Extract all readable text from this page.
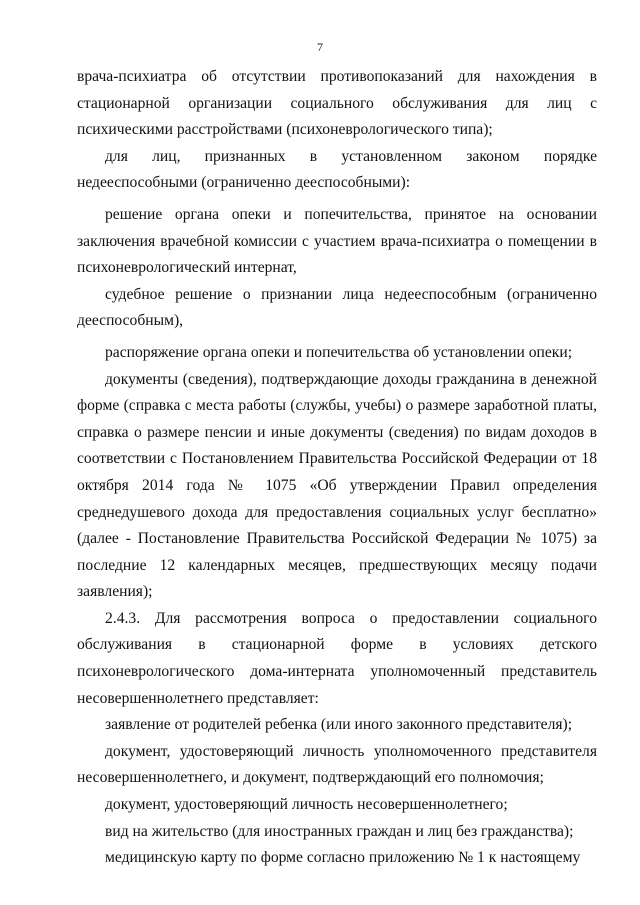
7

врача-психиатра об отсутствии противопоказаний для нахождения в стационарной организации социального обслуживания для лиц с психическими расстройствами (психоневрологического типа);

для лиц, признанных в установленном законом порядке недееспособными (ограниченно дееспособными):

решение органа опеки и попечительства, принятое на основании заключения врачебной комиссии с участием врача-психиатра о помещении в психоневрологический интернат,

судебное решение о признании лица недееспособным (ограниченно дееспособным),

распоряжение органа опеки и попечительства об установлении опеки;

документы (сведения), подтверждающие доходы гражданина в денежной форме (справка с места работы (службы, учебы) о размере заработной платы, справка о размере пенсии и иные документы (сведения) по видам доходов в соответствии с Постановлением Правительства Российской Федерации от 18 октября 2014 года № 1075 «Об утверждении Правил определения среднедушевого дохода для предоставления социальных услуг бесплатно» (далее - Постановление Правительства Российской Федерации № 1075) за последние 12 календарных месяцев, предшествующих месяцу подачи заявления);

2.4.3. Для рассмотрения вопроса о предоставлении социального обслуживания в стационарной форме в условиях детского психоневрологического дома-интерната уполномоченный представитель несовершеннолетнего представляет:

заявление от родителей ребенка (или иного законного представителя);

документ, удостоверяющий личность уполномоченного представителя несовершеннолетнего, и документ, подтверждающий его полномочия;

документ, удостоверяющий личность несовершеннолетнего;

вид на жительство (для иностранных граждан и лиц без гражданства);

медицинскую карту по форме согласно приложению № 1 к настоящему
